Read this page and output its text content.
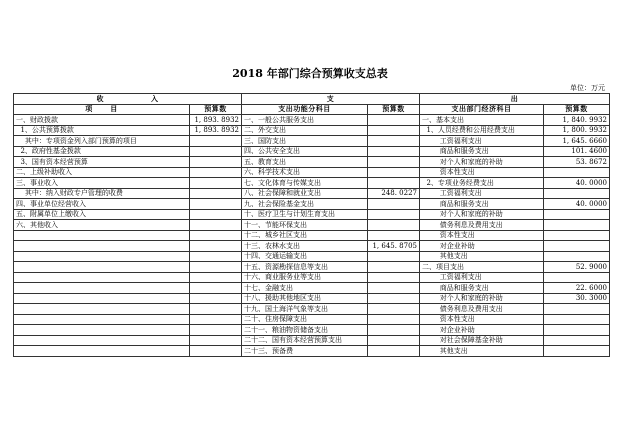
2018 年部门综合预算收支总表
单位：万元
收                入		支		出	
项      目	预算数	支出功能分科目	预算数	支出部门经济科目	预算数
一、财政拨款	1, 893. 8932	一、一般公共服务支出		一、基本支出	1, 840. 9932
1、公共预算拨款	1, 893. 8932	二、外交支出		1、人员经费和公用经费支出	1, 800. 9932
其中：专项资金列入部门预算的项目		三、国防支出		工资福利支出	1, 645. 6660
2、政府性基金拨款		四、公共安全支出		商品和服务支出	101. 4600
3、国有资本经营预算		五、教育支出		对个人和家庭的补助	53. 8672
二、上级补助收入		六、科学技术支出		资本性支出	
三、事业收入		七、文化体育与传媒支出		2、专项业务经费支出	40. 0000
其中：纳入财政专户管理的收费		八、社会保障和就业支出	248. 0227	工资福利支出	
四、事业单位经营收入		九、社会保险基金支出		商品和服务支出	40. 0000
五、附属单位上缴收入		十、医疗卫生与计划生育支出		对个人和家庭的补助	
六、其他收入		十一、节能环保支出		债务利息及费用支出	
		十二、城乡社区支出		资本性支出	
		十三、农林水支出	1, 645. 8705	对企业补助	
		十四、交通运输支出		其他支出	
		十五、资源勘探信息等支出		二、项目支出	52. 9000
		十六、商业服务业等支出		工资福利支出	
		十七、金融支出		商品和服务支出	22. 6000
		十八、援助其他地区支出		对个人和家庭的补助	30. 3000
		十九、国土海洋气象等支出		债务利息及费用支出	
		二十、住房保障支出		资本性支出	
		二十一、粮油物资储备支出		对企业补助	
		二十二、国有资本经营预算支出		对社会保障基金补助	
		二十三、预备费		其他支出	
